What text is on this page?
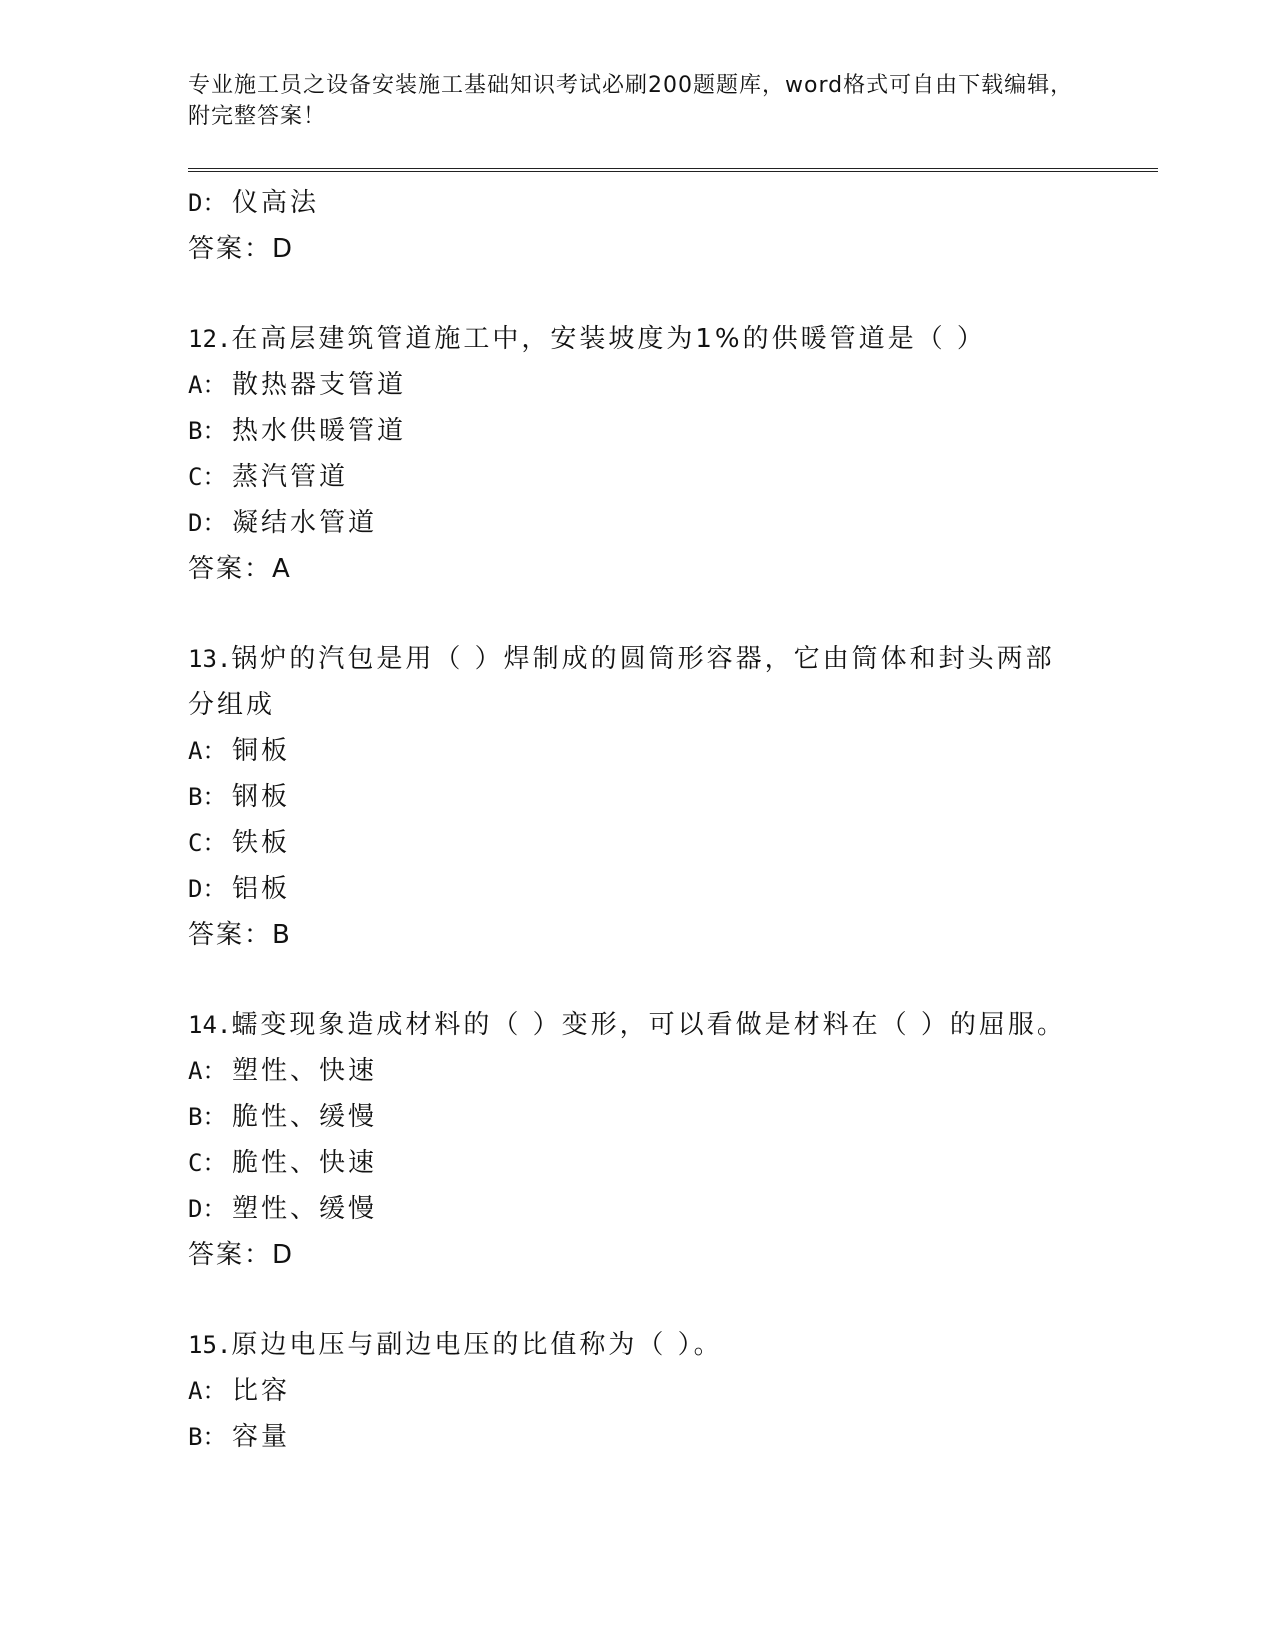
专业施工员之设备安装施工基础知识考试必刷200题题库，word格式可自由下载编辑，附完整答案！

D： 仪高法

答案：D

12.在高层建筑管道施工中，安装坡度为1%的供暖管道是（ ）

A： 散热器支管道

B： 热水供暖管道

C： 蒸汽管道

D： 凝结水管道

答案：A

13.锅炉的汽包是用（ ）焊制成的圆筒形容器，它由筒体和封头两部分组成

A： 铜板

B： 钢板

C： 铁板

D： 铝板

答案：B

14.蠕变现象造成材料的（ ）变形，可以看做是材料在（ ）的屈服。

A： 塑性、快速

B： 脆性、缓慢

C： 脆性、快速

D： 塑性、缓慢

答案：D

15.原边电压与副边电压的比值称为（ ）。

A： 比容

B： 容量
